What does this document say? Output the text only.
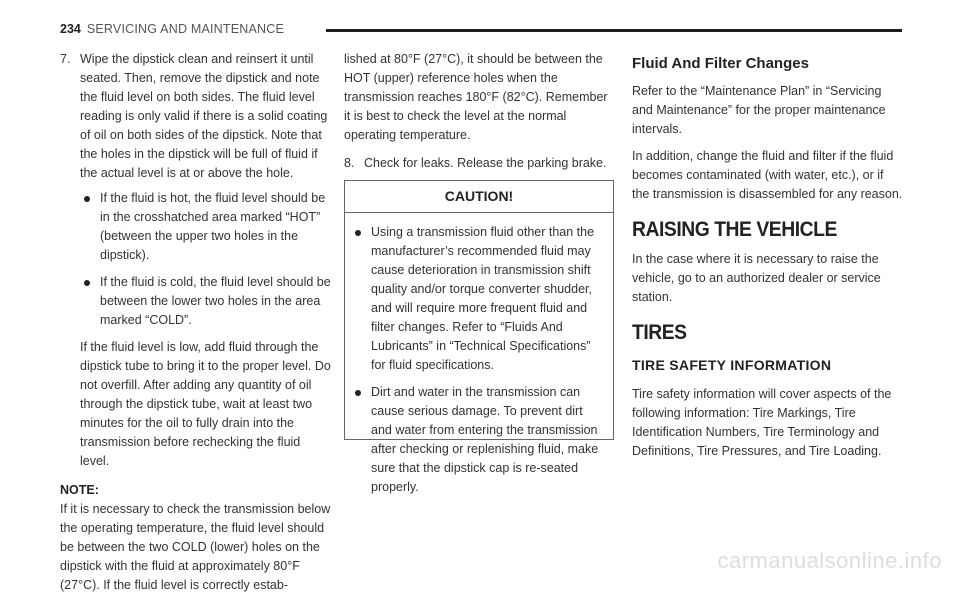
234 SERVICING AND MAINTENANCE
7. Wipe the dipstick clean and reinsert it until seated. Then, remove the dipstick and note the fluid level on both sides. The fluid level reading is only valid if there is a solid coating of oil on both sides of the dipstick. Note that the holes in the dipstick will be full of fluid if the actual level is at or above the hole.

If the fluid is hot, the fluid level should be in the crosshatched area marked “HOT” (between the upper two holes in the dipstick).

If the fluid is cold, the fluid level should be between the lower two holes in the area marked “COLD”.

If the fluid level is low, add fluid through the dipstick tube to bring it to the proper level. Do not overfill. After adding any quantity of oil through the dipstick tube, wait at least two minutes for the oil to fully drain into the transmission before rechecking the fluid level.

NOTE:

If it is necessary to check the transmission below the operating temperature, the fluid level should be between the two COLD (lower) holes on the dipstick with the fluid at approximately 80°F (27°C). If the fluid level is correctly estab-

lished at 80°F (27°C), it should be between the HOT (upper) reference holes when the transmission reaches 180°F (82°C). Remember it is best to check the level at the normal operating temperature.

8. Check for leaks. Release the parking brake.

CAUTION!

Using a transmission fluid other than the manufacturer’s recommended fluid may cause deterioration in transmission shift quality and/or torque converter shudder, and will require more frequent fluid and filter changes. Refer to “Fluids And Lubricants” in “Technical Specifications” for fluid specifications.

Dirt and water in the transmission can cause serious damage. To prevent dirt and water from entering the transmission after checking or replenishing fluid, make sure that the dipstick cap is re-seated properly.

Fluid And Filter Changes

Refer to the “Maintenance Plan” in “Servicing and Maintenance” for the proper maintenance intervals.

In addition, change the fluid and filter if the fluid becomes contaminated (with water, etc.), or if the transmission is disassembled for any reason.

RAISING THE VEHICLE

In the case where it is necessary to raise the vehicle, go to an authorized dealer or service station.

TIRES

TIRE SAFETY INFORMATION

Tire safety information will cover aspects of the following information: Tire Markings, Tire Identification Numbers, Tire Terminology and Definitions, Tire Pressures, and Tire Loading.

carmanualsonline.info
